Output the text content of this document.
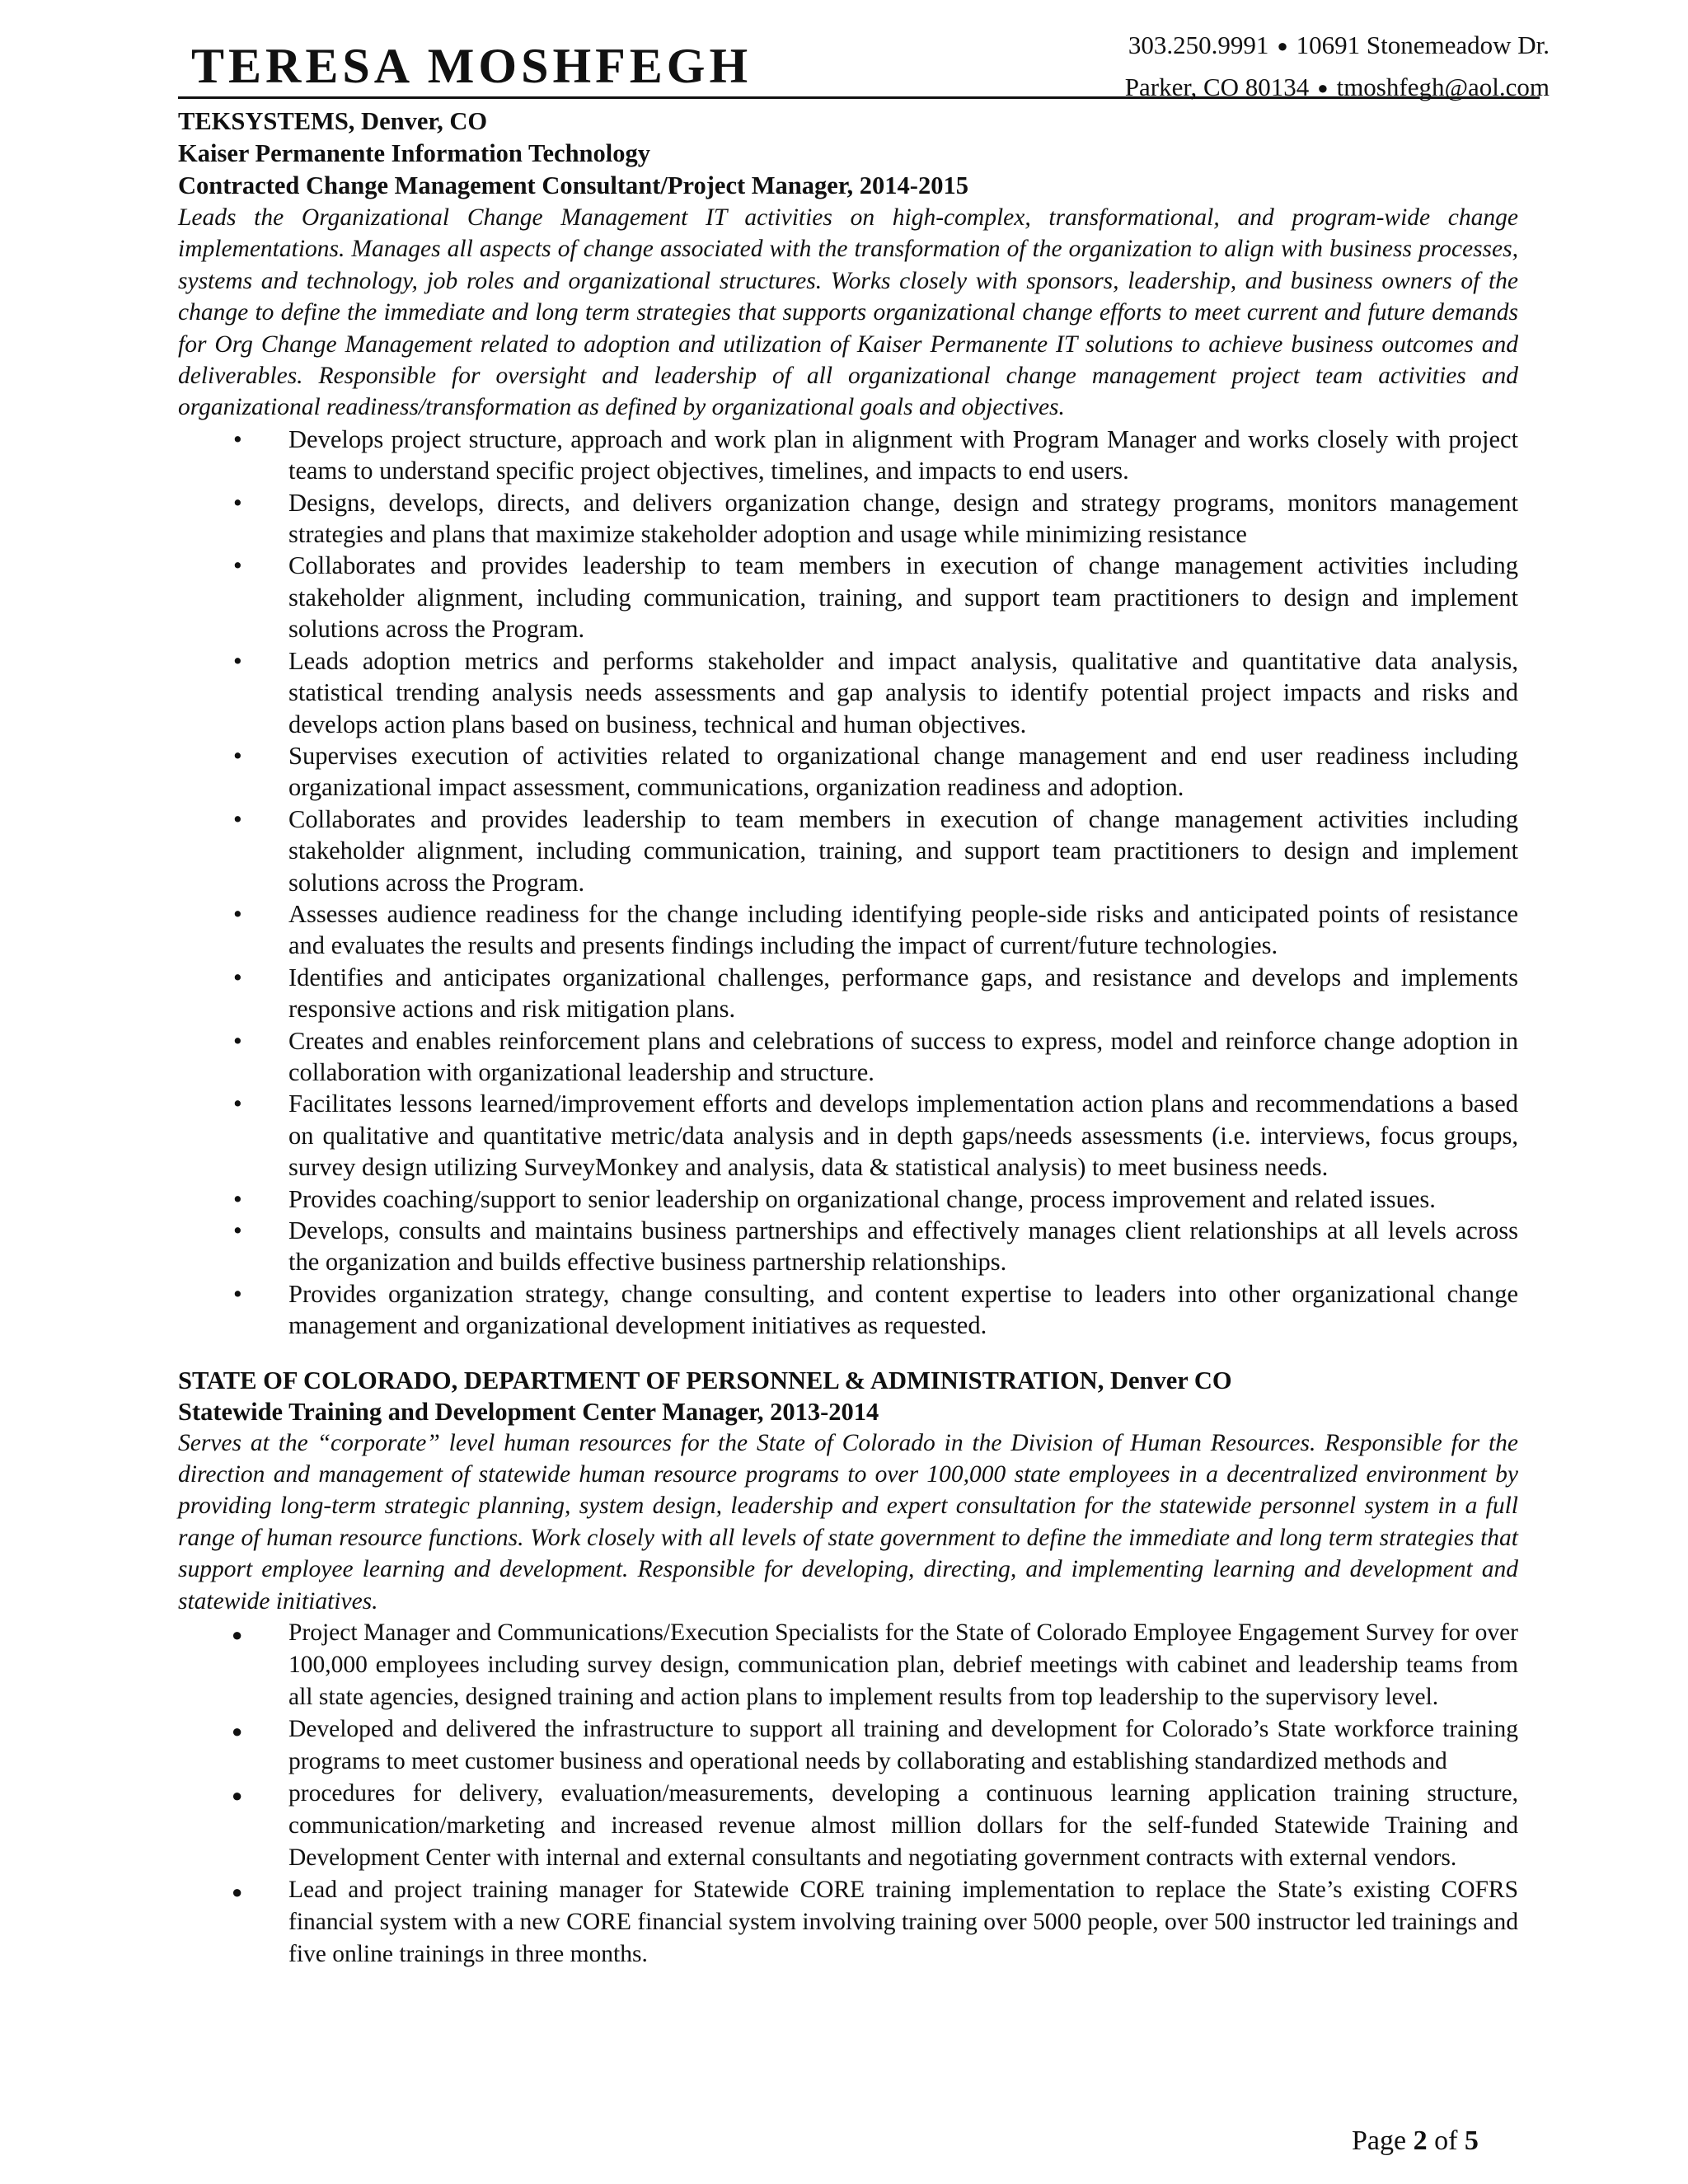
TERESA MOSHFEGH	303.250.9991 ● 10691 Stonemeadow Dr.
Parker, CO 80134 ● tmoshfegh@aol.com

TEKSYSTEMS, Denver, CO

Kaiser Permanente Information Technology

Contracted Change Management Consultant/Project Manager, 2014-2015

Leads the Organizational Change Management IT activities on high-complex, transformational, and program-wide change implementations. Manages all aspects of change associated with the transformation of the organization to align with business processes, systems and technology, job roles and organizational structures. Works closely with sponsors, leadership, and business owners of the change to define the immediate and long term strategies that supports organizational change efforts to meet current and future demands for Org Change Management related to adoption and utilization of Kaiser Permanente IT solutions to achieve business outcomes and deliverables. Responsible for oversight and leadership of all organizational change management project team activities and organizational readiness/transformation as defined by organizational goals and objectives.

• Develops project structure, approach and work plan in alignment with Program Manager and works closely with project teams to understand specific project objectives, timelines, and impacts to end users.
• Designs, develops, directs, and delivers organization change, design and strategy programs, monitors management strategies and plans that maximize stakeholder adoption and usage while minimizing resistance
• Collaborates and provides leadership to team members in execution of change management activities including stakeholder alignment, including communication, training, and support team practitioners to design and implement solutions across the Program.
• Leads adoption metrics and performs stakeholder and impact analysis, qualitative and quantitative data analysis, statistical trending analysis needs assessments and gap analysis to identify potential project impacts and risks and develops action plans based on business, technical and human objectives.
• Supervises execution of activities related to organizational change management and end user readiness including organizational impact assessment, communications, organization readiness and adoption.
• Collaborates and provides leadership to team members in execution of change management activities including stakeholder alignment, including communication, training, and support team practitioners to design and implement solutions across the Program.
• Assesses audience readiness for the change including identifying people-side risks and anticipated points of resistance and evaluates the results and presents findings including the impact of current/future technologies.
• Identifies and anticipates organizational challenges, performance gaps, and resistance and develops and implements responsive actions and risk mitigation plans.
• Creates and enables reinforcement plans and celebrations of success to express, model and reinforce change adoption in collaboration with organizational leadership and structure.
• Facilitates lessons learned/improvement efforts and develops implementation action plans and recommendations a based on qualitative and quantitative metric/data analysis and in depth gaps/needs assessments (i.e. interviews, focus groups, survey design utilizing SurveyMonkey and analysis, data & statistical analysis) to meet business needs.
• Provides coaching/support to senior leadership on organizational change, process improvement and related issues.
• Develops, consults and maintains business partnerships and effectively manages client relationships at all levels across the organization and builds effective business partnership relationships.
• Provides organization strategy, change consulting, and content expertise to leaders into other organizational change management and organizational development initiatives as requested.

STATE OF COLORADO, DEPARTMENT OF PERSONNEL & ADMINISTRATION, Denver CO

Statewide Training and Development Center Manager, 2013-2014

Serves at the “corporate” level human resources for the State of Colorado in the Division of Human Resources. Responsible for the direction and management of statewide human resource programs to over 100,000 state employees in a decentralized environment by providing long-term strategic planning, system design, leadership and expert consultation for the statewide personnel system in a full range of human resource functions. Work closely with all levels of state government to define the immediate and long term strategies that support employee learning and development. Responsible for developing, directing, and implementing learning and development and statewide initiatives.

● Project Manager and Communications/Execution Specialists for the State of Colorado Employee Engagement Survey for over 100,000 employees including survey design, communication plan, debrief meetings with cabinet and leadership teams from all state agencies, designed training and action plans to implement results from top leadership to the supervisory level.
● Developed and delivered the infrastructure to support all training and development for Colorado’s State workforce training programs to meet customer business and operational needs by collaborating and establishing standardized methods and
● procedures for delivery, evaluation/measurements, developing a continuous learning application training structure, communication/marketing and increased revenue almost million dollars for the self-funded Statewide Training and Development Center with internal and external consultants and negotiating government contracts with external vendors.
● Lead and project training manager for Statewide CORE training implementation to replace the State’s existing COFRS financial system with a new CORE financial system involving training over 5000 people, over 500 instructor led trainings and five online trainings in three months.
Page 2 of 5
